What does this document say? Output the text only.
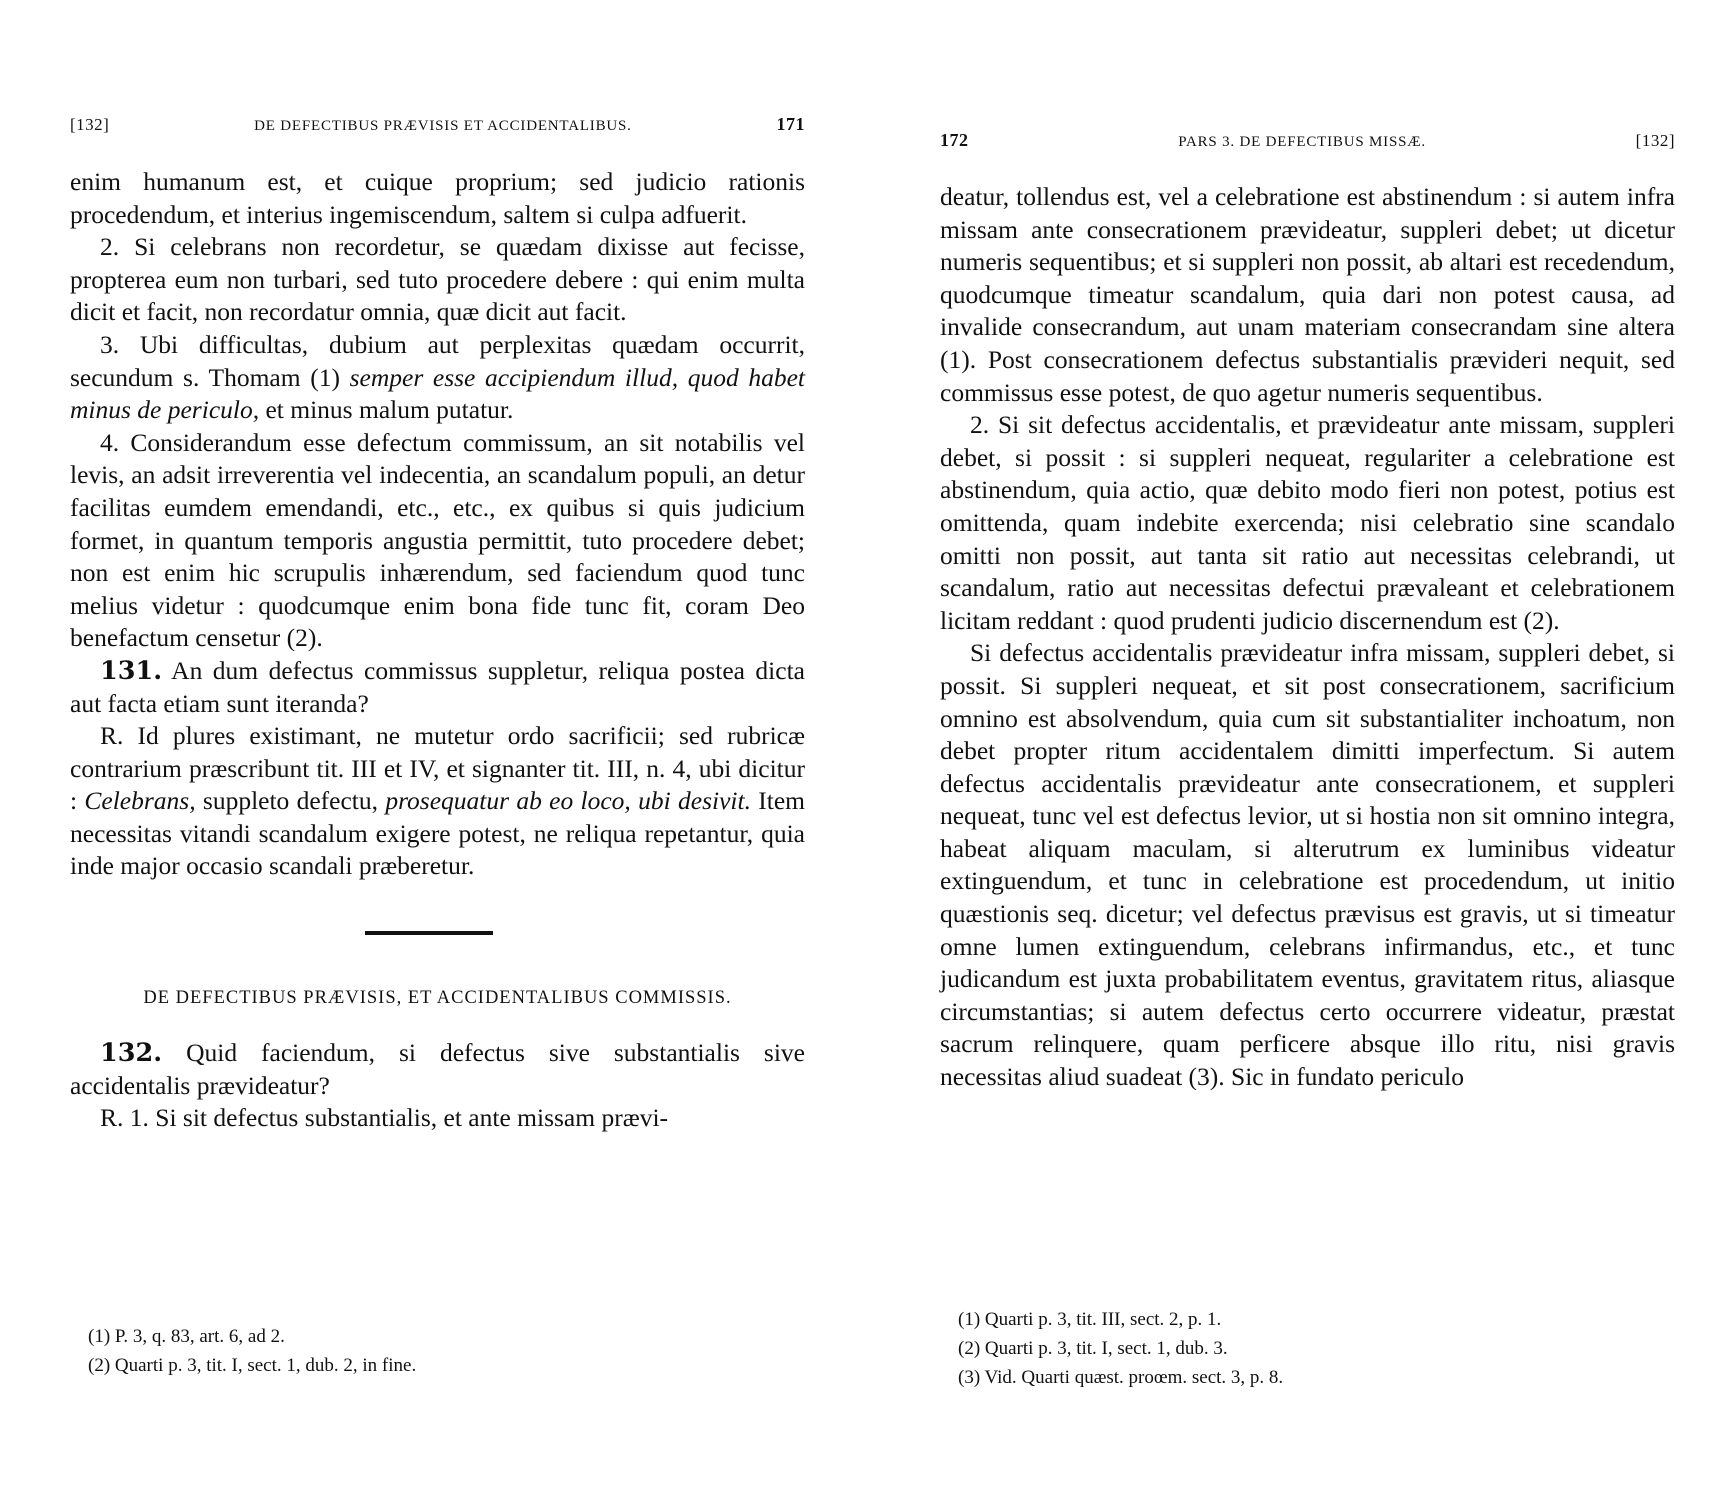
[132]	DE DEFECTIBUS PRÆVISIS ET ACCIDENTALIBUS.	171

enim humanum est, et cuique proprium; sed judicio rationis procedendum, et interius ingemiscendum, saltem si culpa adfuerit.

2. Si celebrans non recordetur, se quædam dixisse aut fecisse, propterea eum non turbari, sed tuto procedere debere : qui enim multa dicit et facit, non recordatur omnia, quæ dicit aut facit.

3. Ubi difficultas, dubium aut perplexitas quædam occurrit, secundum s. Thomam (1) semper esse accipiendum illud, quod habet minus de periculo, et minus malum putatur.

4. Considerandum esse defectum commissum, an sit notabilis vel levis, an adsit irreverentia vel indecentia, an scandalum populi, an detur facilitas eumdem emendandi, etc., etc., ex quibus si quis judicium formet, in quantum temporis angustia permittit, tuto procedere debet; non est enim hic scrupulis inhærendum, sed faciendum quod tunc melius videtur : quodcumque enim bona fide tunc fit, coram Deo benefactum censetur (2).

131. An dum defectus commissus suppletur, reliqua postea dicta aut facta etiam sunt iteranda?

R. Id plures existimant, ne mutetur ordo sacrificii; sed rubricæ contrarium præscribunt tit. III et IV, et signanter tit. III, n. 4, ubi dicitur : Celebrans, suppleto defectu, prosequatur ab eo loco, ubi desivit. Item necessitas vitandi scandalum exigere potest, ne reliqua repetantur, quia inde major occasio scandali præberetur.

DE DEFECTIBUS PRÆVISIS, ET ACCIDENTALIBUS COMMISSIS.

132. Quid faciendum, si defectus sive substantialis sive accidentalis prævideatur?

R. 1. Si sit defectus substantialis, et ante missam prævi-

(1) P. 3, q. 83, art. 6, ad 2.

(2) Quarti p. 3, tit. I, sect. 1, dub. 2, in fine.

172	PARS 3. DE DEFECTIBUS MISSÆ.	[132]

deatur, tollendus est, vel a celebratione est abstinendum : si autem infra missam ante consecrationem prævideatur, suppleri debet; ut dicetur numeris sequentibus; et si suppleri non possit, ab altari est recedendum, quodcumque timeatur scandalum, quia dari non potest causa, ad invalide consecrandum, aut unam materiam consecrandam sine altera (1). Post consecrationem defectus substantialis prævideri nequit, sed commissus esse potest, de quo agetur numeris sequentibus.

2. Si sit defectus accidentalis, et prævideatur ante missam, suppleri debet, si possit : si suppleri nequeat, regulariter a celebratione est abstinendum, quia actio, quæ debito modo fieri non potest, potius est omittenda, quam indebite exercenda; nisi celebratio sine scandalo omitti non possit, aut tanta sit ratio aut necessitas celebrandi, ut scandalum, ratio aut necessitas defectui prævaleant et celebrationem licitam reddant : quod prudenti judicio discernendum est (2).

Si defectus accidentalis prævideatur infra missam, suppleri debet, si possit. Si suppleri nequeat, et sit post consecrationem, sacrificium omnino est absolvendum, quia cum sit substantialiter inchoatum, non debet propter ritum accidentalem dimitti imperfectum. Si autem defectus accidentalis prævideatur ante consecrationem, et suppleri nequeat, tunc vel est defectus levior, ut si hostia non sit omnino integra, habeat aliquam maculam, si alterutrum ex luminibus videatur extinguendum, et tunc in celebratione est procedendum, ut initio quæstionis seq. dicetur; vel defectus prævisus est gravis, ut si timeatur omne lumen extinguendum, celebrans infirmandus, etc., et tunc judicandum est juxta probabilitatem eventus, gravitatem ritus, aliasque circumstantias; si autem defectus certo occurrere videatur, præstat sacrum relinquere, quam perficere absque illo ritu, nisi gravis necessitas aliud suadeat (3). Sic in fundato periculo

(1) Quarti p. 3, tit. III, sect. 2, p. 1.

(2) Quarti p. 3, tit. I, sect. 1, dub. 3.

(3) Vid. Quarti quæst. proœm. sect. 3, p. 8.
